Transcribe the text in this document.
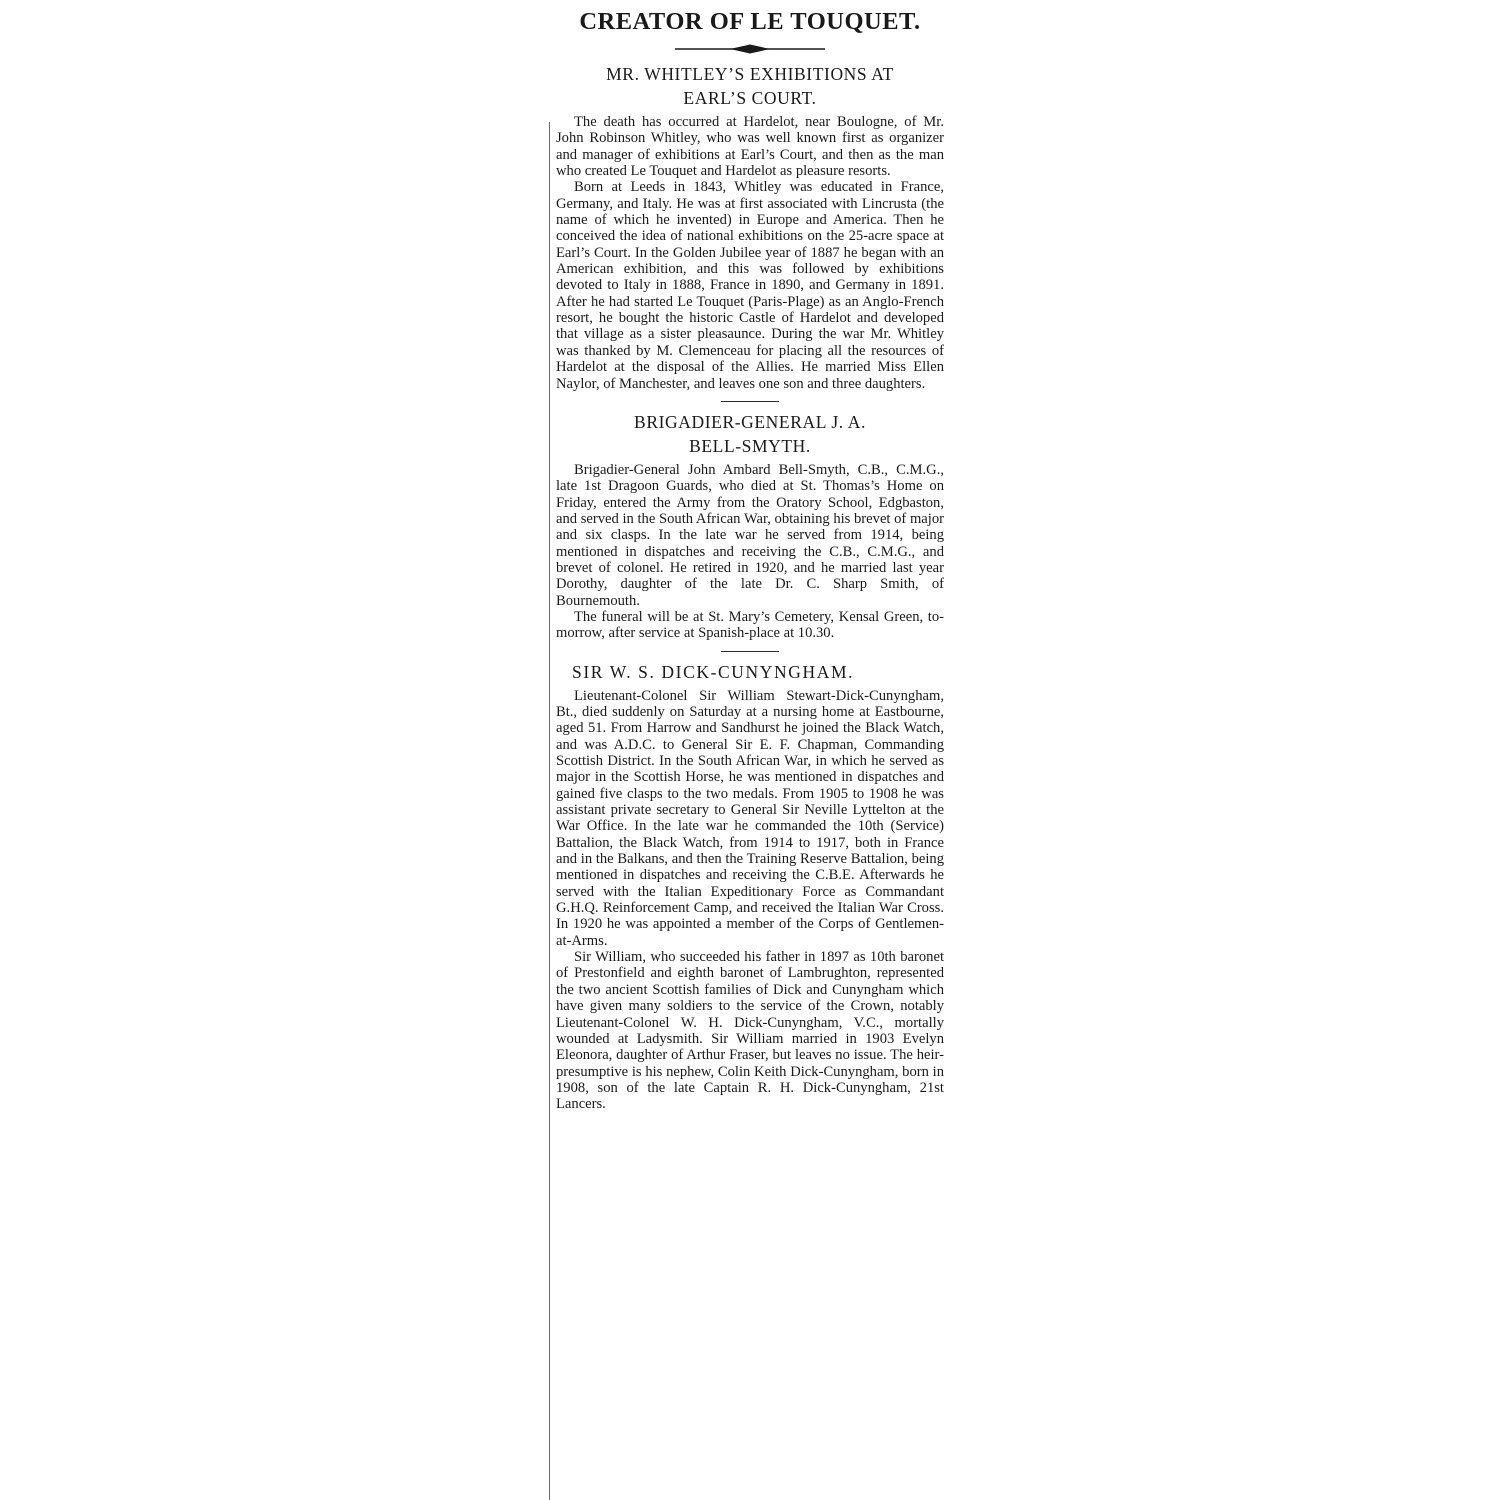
CREATOR OF LE TOUQUET.
MR. WHITLEY’S EXHIBITIONS AT
EARL’S COURT.

The death has occurred at Hardelot, near Boulogne, of Mr. John Robinson Whitley, who was well known first as organizer and manager of exhibitions at Earl’s Court, and then as the man who created Le Touquet and Hardelot as pleasure resorts.

Born at Leeds in 1843, Whitley was educated in France, Germany, and Italy. He was at first associated with Lincrusta (the name of which he invented) in Europe and America. Then he conceived the idea of national exhibitions on the 25-acre space at Earl’s Court. In the Golden Jubilee year of 1887 he began with an American exhibition, and this was followed by exhibitions devoted to Italy in 1888, France in 1890, and Germany in 1891. After he had started Le Touquet (Paris-Plage) as an Anglo-French resort, he bought the historic Castle of Hardelot and developed that village as a sister pleasaunce. During the war Mr. Whitley was thanked by M. Clemenceau for placing all the resources of Hardelot at the disposal of the Allies. He married Miss Ellen Naylor, of Manchester, and leaves one son and three daughters.

BRIGADIER-GENERAL J. A.
BELL-SMYTH.

Brigadier-General John Ambard Bell-Smyth, C.B., C.M.G., late 1st Dragoon Guards, who died at St. Thomas’s Home on Friday, entered the Army from the Oratory School, Edgbaston, and served in the South African War, obtaining his brevet of major and six clasps. In the late war he served from 1914, being mentioned in dispatches and receiving the C.B., C.M.G., and brevet of colonel. He retired in 1920, and he married last year Dorothy, daughter of the late Dr. C. Sharp Smith, of Bournemouth.

The funeral will be at St. Mary’s Cemetery, Kensal Green, to-morrow, after service at Spanish-place at 10.30.

SIR W. S. DICK-CUNYNGHAM.

Lieutenant-Colonel Sir William Stewart-Dick-Cunyngham, Bt., died suddenly on Saturday at a nursing home at Eastbourne, aged 51. From Harrow and Sandhurst he joined the Black Watch, and was A.D.C. to General Sir E. F. Chapman, Commanding Scottish District. In the South African War, in which he served as major in the Scottish Horse, he was mentioned in dispatches and gained five clasps to the two medals. From 1905 to 1908 he was assistant private secretary to General Sir Neville Lyttelton at the War Office. In the late war he commanded the 10th (Service) Battalion, the Black Watch, from 1914 to 1917, both in France and in the Balkans, and then the Training Reserve Battalion, being mentioned in dispatches and receiving the C.B.E. Afterwards he served with the Italian Expeditionary Force as Commandant G.H.Q. Reinforcement Camp, and received the Italian War Cross. In 1920 he was appointed a member of the Corps of Gentlemen-at-Arms.

Sir William, who succeeded his father in 1897 as 10th baronet of Prestonfield and eighth baronet of Lambrughton, represented the two ancient Scottish families of Dick and Cunyngham which have given many soldiers to the service of the Crown, notably Lieutenant-Colonel W. H. Dick-Cunyngham, V.C., mortally wounded at Ladysmith. Sir William married in 1903 Evelyn Eleonora, daughter of Arthur Fraser, but leaves no issue. The heir-presumptive is his nephew, Colin Keith Dick-Cunyngham, born in 1908, son of the late Captain R. H. Dick-Cunyngham, 21st Lancers.
